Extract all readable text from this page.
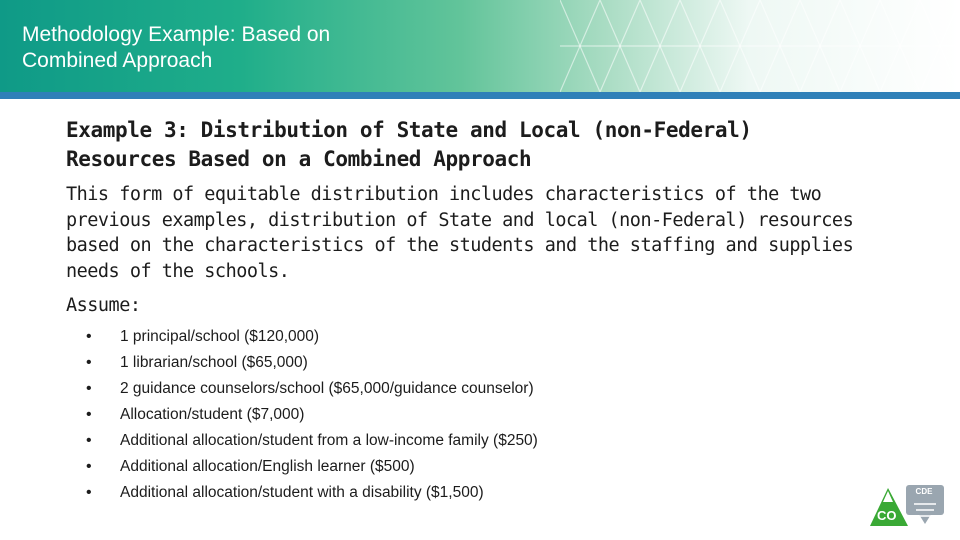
Methodology Example: Based on
Combined Approach
Example 3: Distribution of State and Local (non-Federal)
Resources Based on a Combined Approach

This form of equitable distribution includes characteristics of the two previous examples, distribution of State and local (non-Federal) resources based on the characteristics of the students and the staffing and supplies needs of the schools.

Assume:

• 1 principal/school ($120,000)
• 1 librarian/school ($65,000)
• 2 guidance counselors/school ($65,000/guidance counselor)
• Allocation/student ($7,000)
• Additional allocation/student from a low-income family ($250)
• Additional allocation/English learner ($500)
• Additional allocation/student with a disability ($1,500)
CO
CDE
